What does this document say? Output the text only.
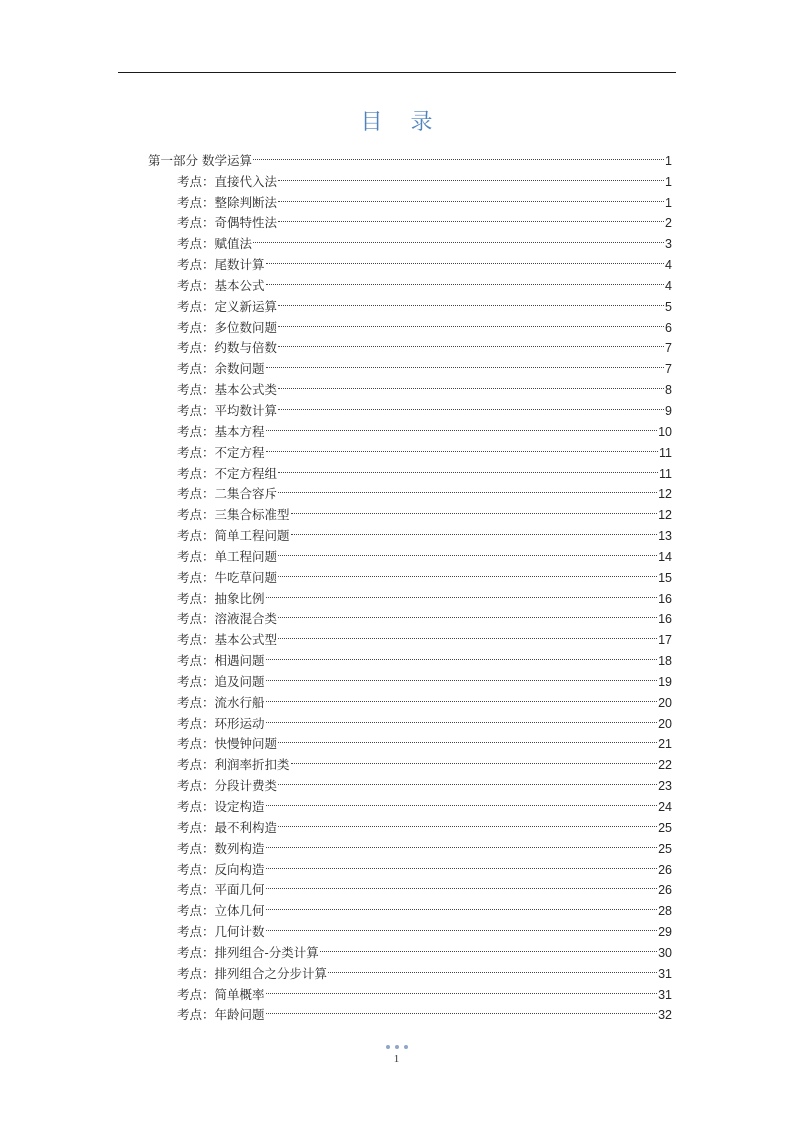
目    录
第一部分 数学运算	1
考点：直接代入法	1
考点：整除判断法	1
考点：奇偶特性法	2
考点：赋值法	3
考点：尾数计算	4
考点：基本公式	4
考点：定义新运算	5
考点：多位数问题	6
考点：约数与倍数	7
考点：余数问题	7
考点：基本公式类	8
考点：平均数计算	9
考点：基本方程	10
考点：不定方程	11
考点：不定方程组	11
考点：二集合容斥	12
考点：三集合标准型	12
考点：简单工程问题	13
考点：单工程问题	14
考点：牛吃草问题	15
考点：抽象比例	16
考点：溶液混合类	16
考点：基本公式型	17
考点：相遇问题	18
考点：追及问题	19
考点：流水行船	20
考点：环形运动	20
考点：快慢钟问题	21
考点：利润率折扣类	22
考点：分段计费类	23
考点：设定构造	24
考点：最不利构造	25
考点：数列构造	25
考点：反向构造	26
考点：平面几何	26
考点：立体几何	28
考点：几何计数	29
考点：排列组合-分类计算	30
考点：排列组合之分步计算	31
考点：简单概率	31
考点：年龄问题	32
1
